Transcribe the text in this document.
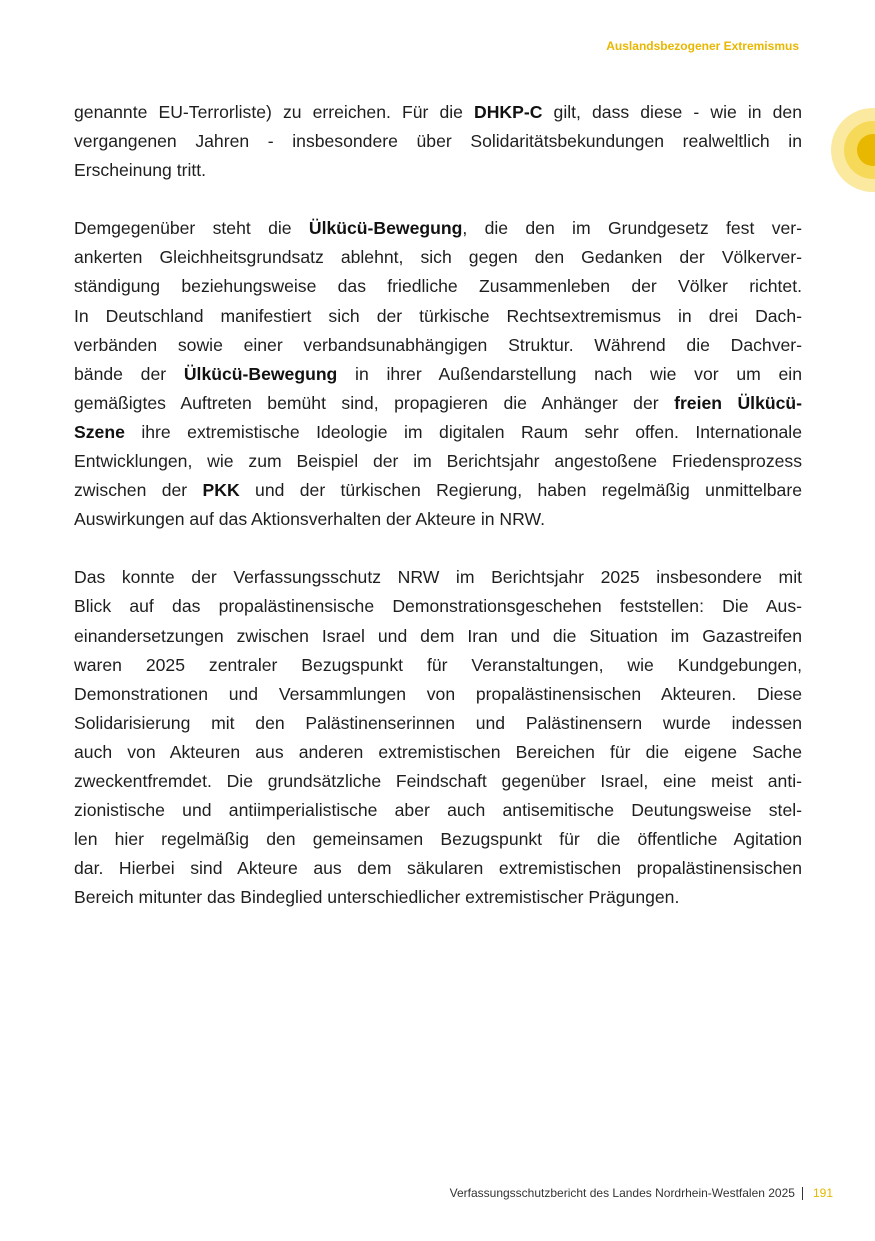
Auslandsbezogener Extremismus
genannte EU-Terrorliste) zu erreichen. Für die DHKP-C gilt, dass diese - wie in den
vergangenen Jahren - insbesondere über Solidaritätsbekundungen realweltlich in
Erscheinung tritt.
Demgegenüber steht die Ülkücü-Bewegung, die den im Grundgesetz fest ver-
ankerten Gleichheitsgrundsatz ablehnt, sich gegen den Gedanken der Völkerver-
ständigung beziehungsweise das friedliche Zusammenleben der Völker richtet.
In Deutschland manifestiert sich der türkische Rechtsextremismus in drei Dach-
verbänden sowie einer verbandsunabhängigen Struktur. Während die Dachver-
bände der Ülkücü-Bewegung in ihrer Außendarstellung nach wie vor um ein
gemäßigtes Auftreten bemüht sind, propagieren die Anhänger der freien Ülkücü-
Szene ihre extremistische Ideologie im digitalen Raum sehr offen. Internationale
Entwicklungen, wie zum Beispiel der im Berichtsjahr angestoßene Friedensprozess
zwischen der PKK und der türkischen Regierung, haben regelmäßig unmittelbare
Auswirkungen auf das Aktionsverhalten der Akteure in NRW.
Das konnte der Verfassungsschutz NRW im Berichtsjahr 2025 insbesondere mit
Blick auf das propalästinensische Demonstrationsgeschehen feststellen: Die Aus-
einandersetzungen zwischen Israel und dem Iran und die Situation im Gazastreifen
waren 2025 zentraler Bezugspunkt für Veranstaltungen, wie Kundgebungen,
Demonstrationen und Versammlungen von propalästinensischen Akteuren. Diese
Solidarisierung mit den Palästinenserinnen und Palästinensern wurde indessen
auch von Akteuren aus anderen extremistischen Bereichen für die eigene Sache
zweckentfremdet. Die grundsätzliche Feindschaft gegenüber Israel, eine meist anti-
zionistische und antiimperialistische aber auch antisemitische Deutungsweise stel-
len hier regelmäßig den gemeinsamen Bezugspunkt für die öffentliche Agitation
dar. Hierbei sind Akteure aus dem säkularen extremistischen propalästinensischen
Bereich mitunter das Bindeglied unterschiedlicher extremistischer Prägungen.
Verfassungsschutzbericht des Landes Nordrhein-Westfalen 2025 191
